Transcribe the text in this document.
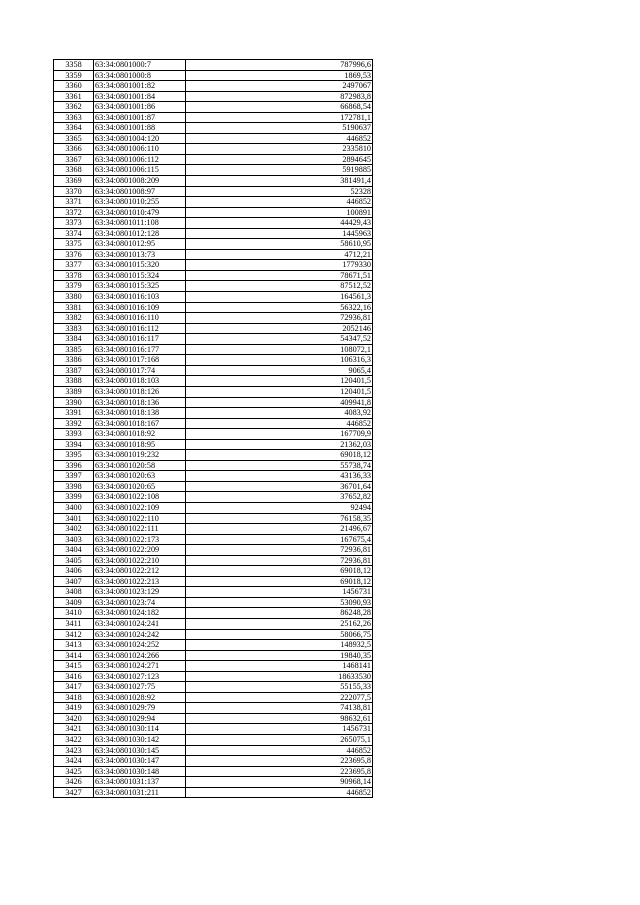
3358	63:34:0801000:7	787996,6
3359	63:34:0801000:8	1869,53
3360	63:34:0801001:82	2497067
3361	63:34:0801001:84	872983,8
3362	63:34:0801001:86	66868,54
3363	63:34:0801001:87	172781,1
3364	63:34:0801001:88	5190637
3365	63:34:0801004:120	446852
3366	63:34:0801006:110	2335810
3367	63:34:0801006:112	2894645
3368	63:34:0801006:115	5919885
3369	63:34:0801008:209	381491,4
3370	63:34:0801008:97	52328
3371	63:34:0801010:255	446852
3372	63:34:0801010:479	100891
3373	63:34:0801011:108	44429,43
3374	63:34:0801012:128	1445963
3375	63:34:0801012:95	58610,95
3376	63:34:0801013:73	4712,21
3377	63:34:0801015:320	1779330
3378	63:34:0801015:324	78671,51
3379	63:34:0801015:325	87512,52
3380	63:34:0801016:103	164561,3
3381	63:34:0801016:109	56322,16
3382	63:34:0801016:110	72936,81
3383	63:34:0801016:112	2052146
3384	63:34:0801016:117	54347,52
3385	63:34:0801016:177	108072,1
3386	63:34:0801017:168	106316,3
3387	63:34:0801017:74	9065,4
3388	63:34:0801018:103	120401,5
3389	63:34:0801018:126	120401,5
3390	63:34:0801018:136	409941,8
3391	63:34:0801018:138	4083,92
3392	63:34:0801018:167	446852
3393	63:34:0801018:92	167709,9
3394	63:34:0801018:95	21362,03
3395	63:34:0801019:232	69018,12
3396	63:34:0801020:58	55738,74
3397	63:34:0801020:63	43136,33
3398	63:34:0801020:65	36701,64
3399	63:34:0801022:108	37652,82
3400	63:34:0801022:109	92494
3401	63:34:0801022:110	76158,35
3402	63:34:0801022:111	21496,67
3403	63:34:0801022:173	167675,4
3404	63:34:0801022:209	72936,81
3405	63:34:0801022:210	72936,81
3406	63:34:0801022:212	69018,12
3407	63:34:0801022:213	69018,12
3408	63:34:0801023:129	1456731
3409	63:34:0801023:74	53090,93
3410	63:34:0801024:182	86248,28
3411	63:34:0801024:241	25162,26
3412	63:34:0801024:242	58066,75
3413	63:34:0801024:252	148932,5
3414	63:34:0801024:266	19840,35
3415	63:34:0801024:271	1468141
3416	63:34:0801027:123	18633530
3417	63:34:0801027:75	55155,33
3418	63:34:0801028:92	222077,5
3419	63:34:0801029:79	74138,81
3420	63:34:0801029:94	98632,61
3421	63:34:0801030:114	1456731
3422	63:34:0801030:142	265075,1
3423	63:34:0801030:145	446852
3424	63:34:0801030:147	223695,8
3425	63:34:0801030:148	223695,8
3426	63:34:0801031:137	90968,14
3427	63:34:0801031:211	446852
